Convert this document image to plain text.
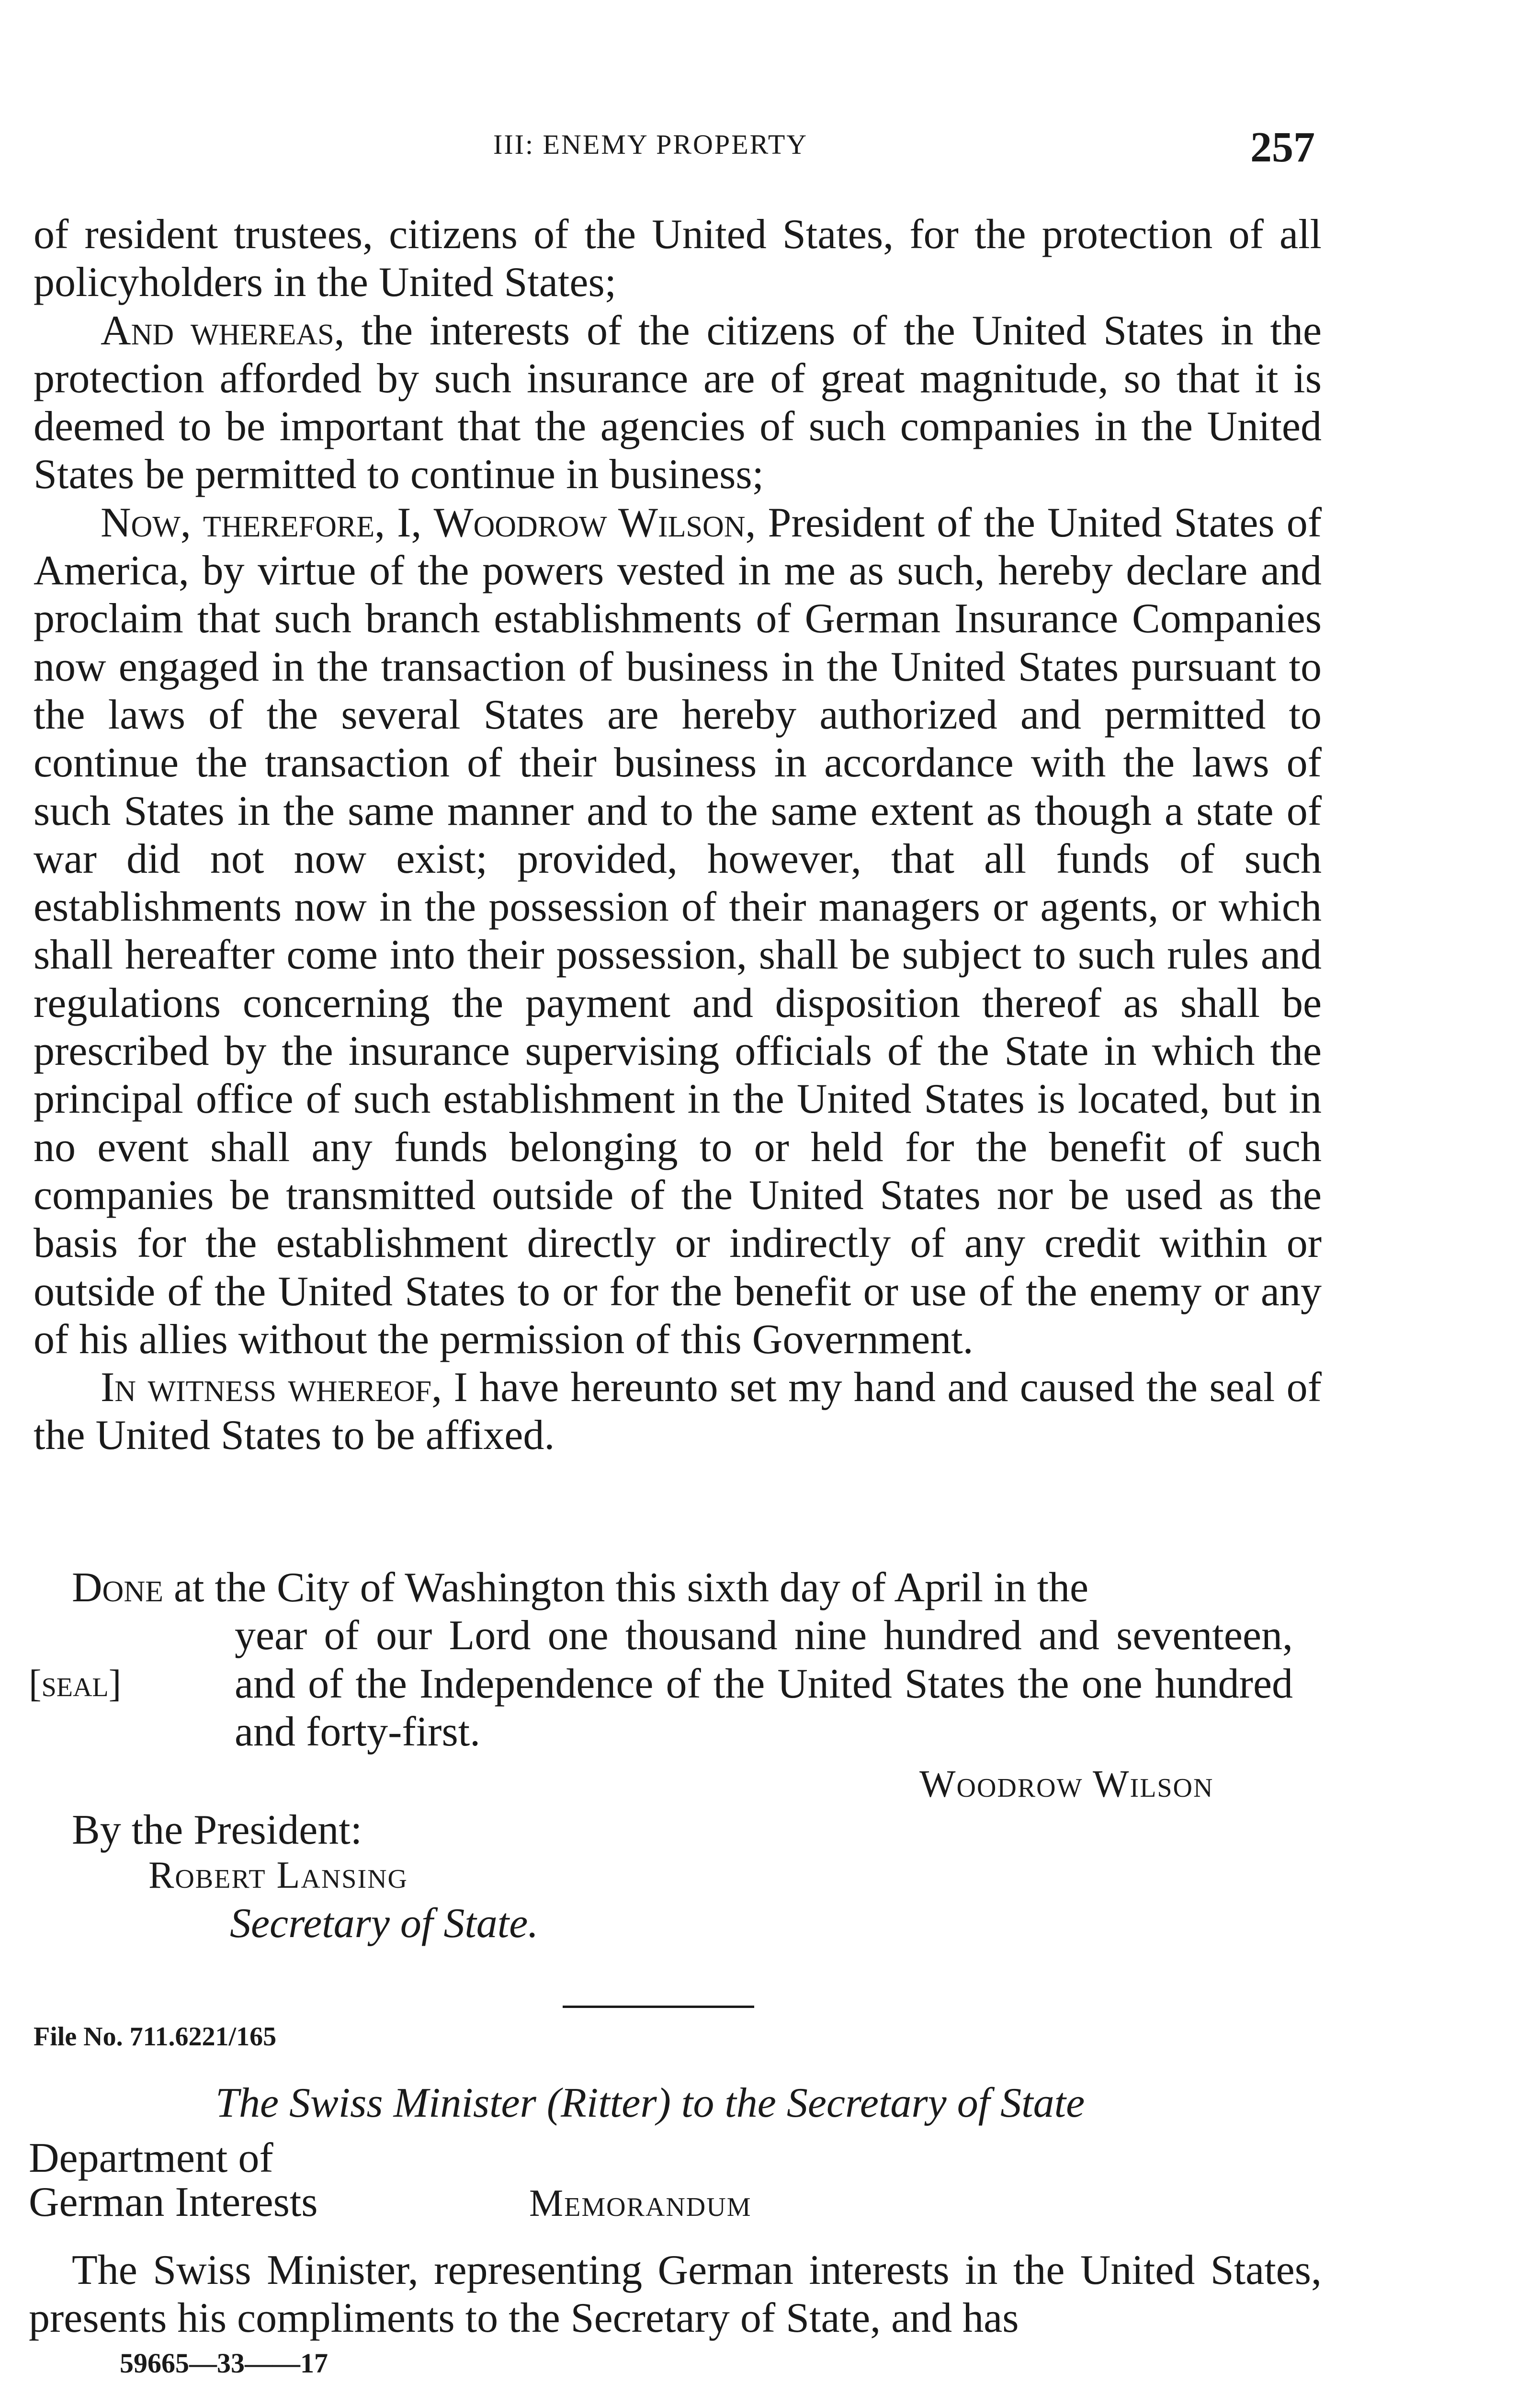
III: ENEMY PROPERTY	257

of resident trustees, citizens of the United States, for the protection of all policyholders in the United States;

And whereas, the interests of the citizens of the United States in the protection afforded by such insurance are of great magnitude, so that it is deemed to be important that the agencies of such companies in the United States be permitted to continue in business;

Now, therefore, I, Woodrow Wilson, President of the United States of America, by virtue of the powers vested in me as such, hereby declare and proclaim that such branch establishments of German Insurance Companies now engaged in the transaction of business in the United States pursuant to the laws of the several States are hereby authorized and permitted to continue the transaction of their business in accordance with the laws of such States in the same manner and to the same extent as though a state of war did not now exist; provided, however, that all funds of such establishments now in the possession of their managers or agents, or which shall hereafter come into their possession, shall be subject to such rules and regulations concerning the payment and disposition thereof as shall be prescribed by the insurance supervising officials of the State in which the principal office of such establishment in the United States is located, but in no event shall any funds belonging to or held for the benefit of such companies be transmitted outside of the United States nor be used as the basis for the establishment directly or indirectly of any credit within or outside of the United States to or for the benefit or use of the enemy or any of his allies without the permission of this Government.

In witness whereof, I have hereunto set my hand and caused the seal of the United States to be affixed.

Done at the City of Washington this sixth day of April in the

year of our Lord one thousand nine hundred and seventeen, and of the Independence of the United States the one hundred and forty-first.

[seal]
Woodrow Wilson
By the President:
Robert Lansing
Secretary of State.
File No. 711.6221/165
The Swiss Minister (Ritter) to the Secretary of State
Department of
German Interests	Memorandum

The Swiss Minister, representing German interests in the United States, presents his compliments to the Secretary of State, and has

59665—33——17
